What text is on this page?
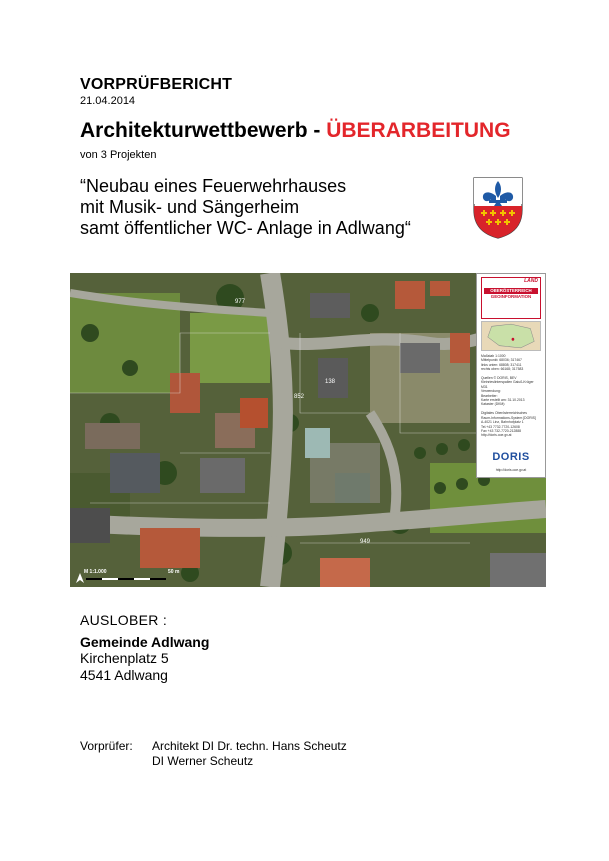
VORPRÜFBERICHT
21.04.2014
Architekturwettbewerb - ÜBERARBEITUNG
von 3 Projekten
“Neubau eines Feuerwehrhauses
mit Musik- und Sängerheim
samt öffentlicher WC- Anlage in Adlwang“
977
852
949
138
M 1:1.000	50 m
LAND
OBERÖSTERREICH
GEOINFORMATION
Maßstab 1:1000
Mittelpunkt: 68036; 317467
links unten: 68808; 317411
rechts oben: 66168; 317583

Quellen © DORIS, BEV
Kleinrieslinterspalien Gaiuß-Krüger M31
Verwendung:
Bearbeiter:
Karte erstellt am: 31.10.2013
Kataster (DKM):

Digitales Oberösterreichisches
Raum-Informations-System [DORIS]
A-4021 Linz, Bahnhofplatz 1
Tel.+43 7732-7720-12608
Fax +43 732-7720-212888
http://doris.ooe.gv.at
DORIS
http://doris.ooe.gv.at
AUSLOBER :
Gemeinde Adlwang
Kirchenplatz 5
4541 Adlwang
Vorprüfer: Architekt DI Dr. techn. Hans Scheutz
DI Werner Scheutz
